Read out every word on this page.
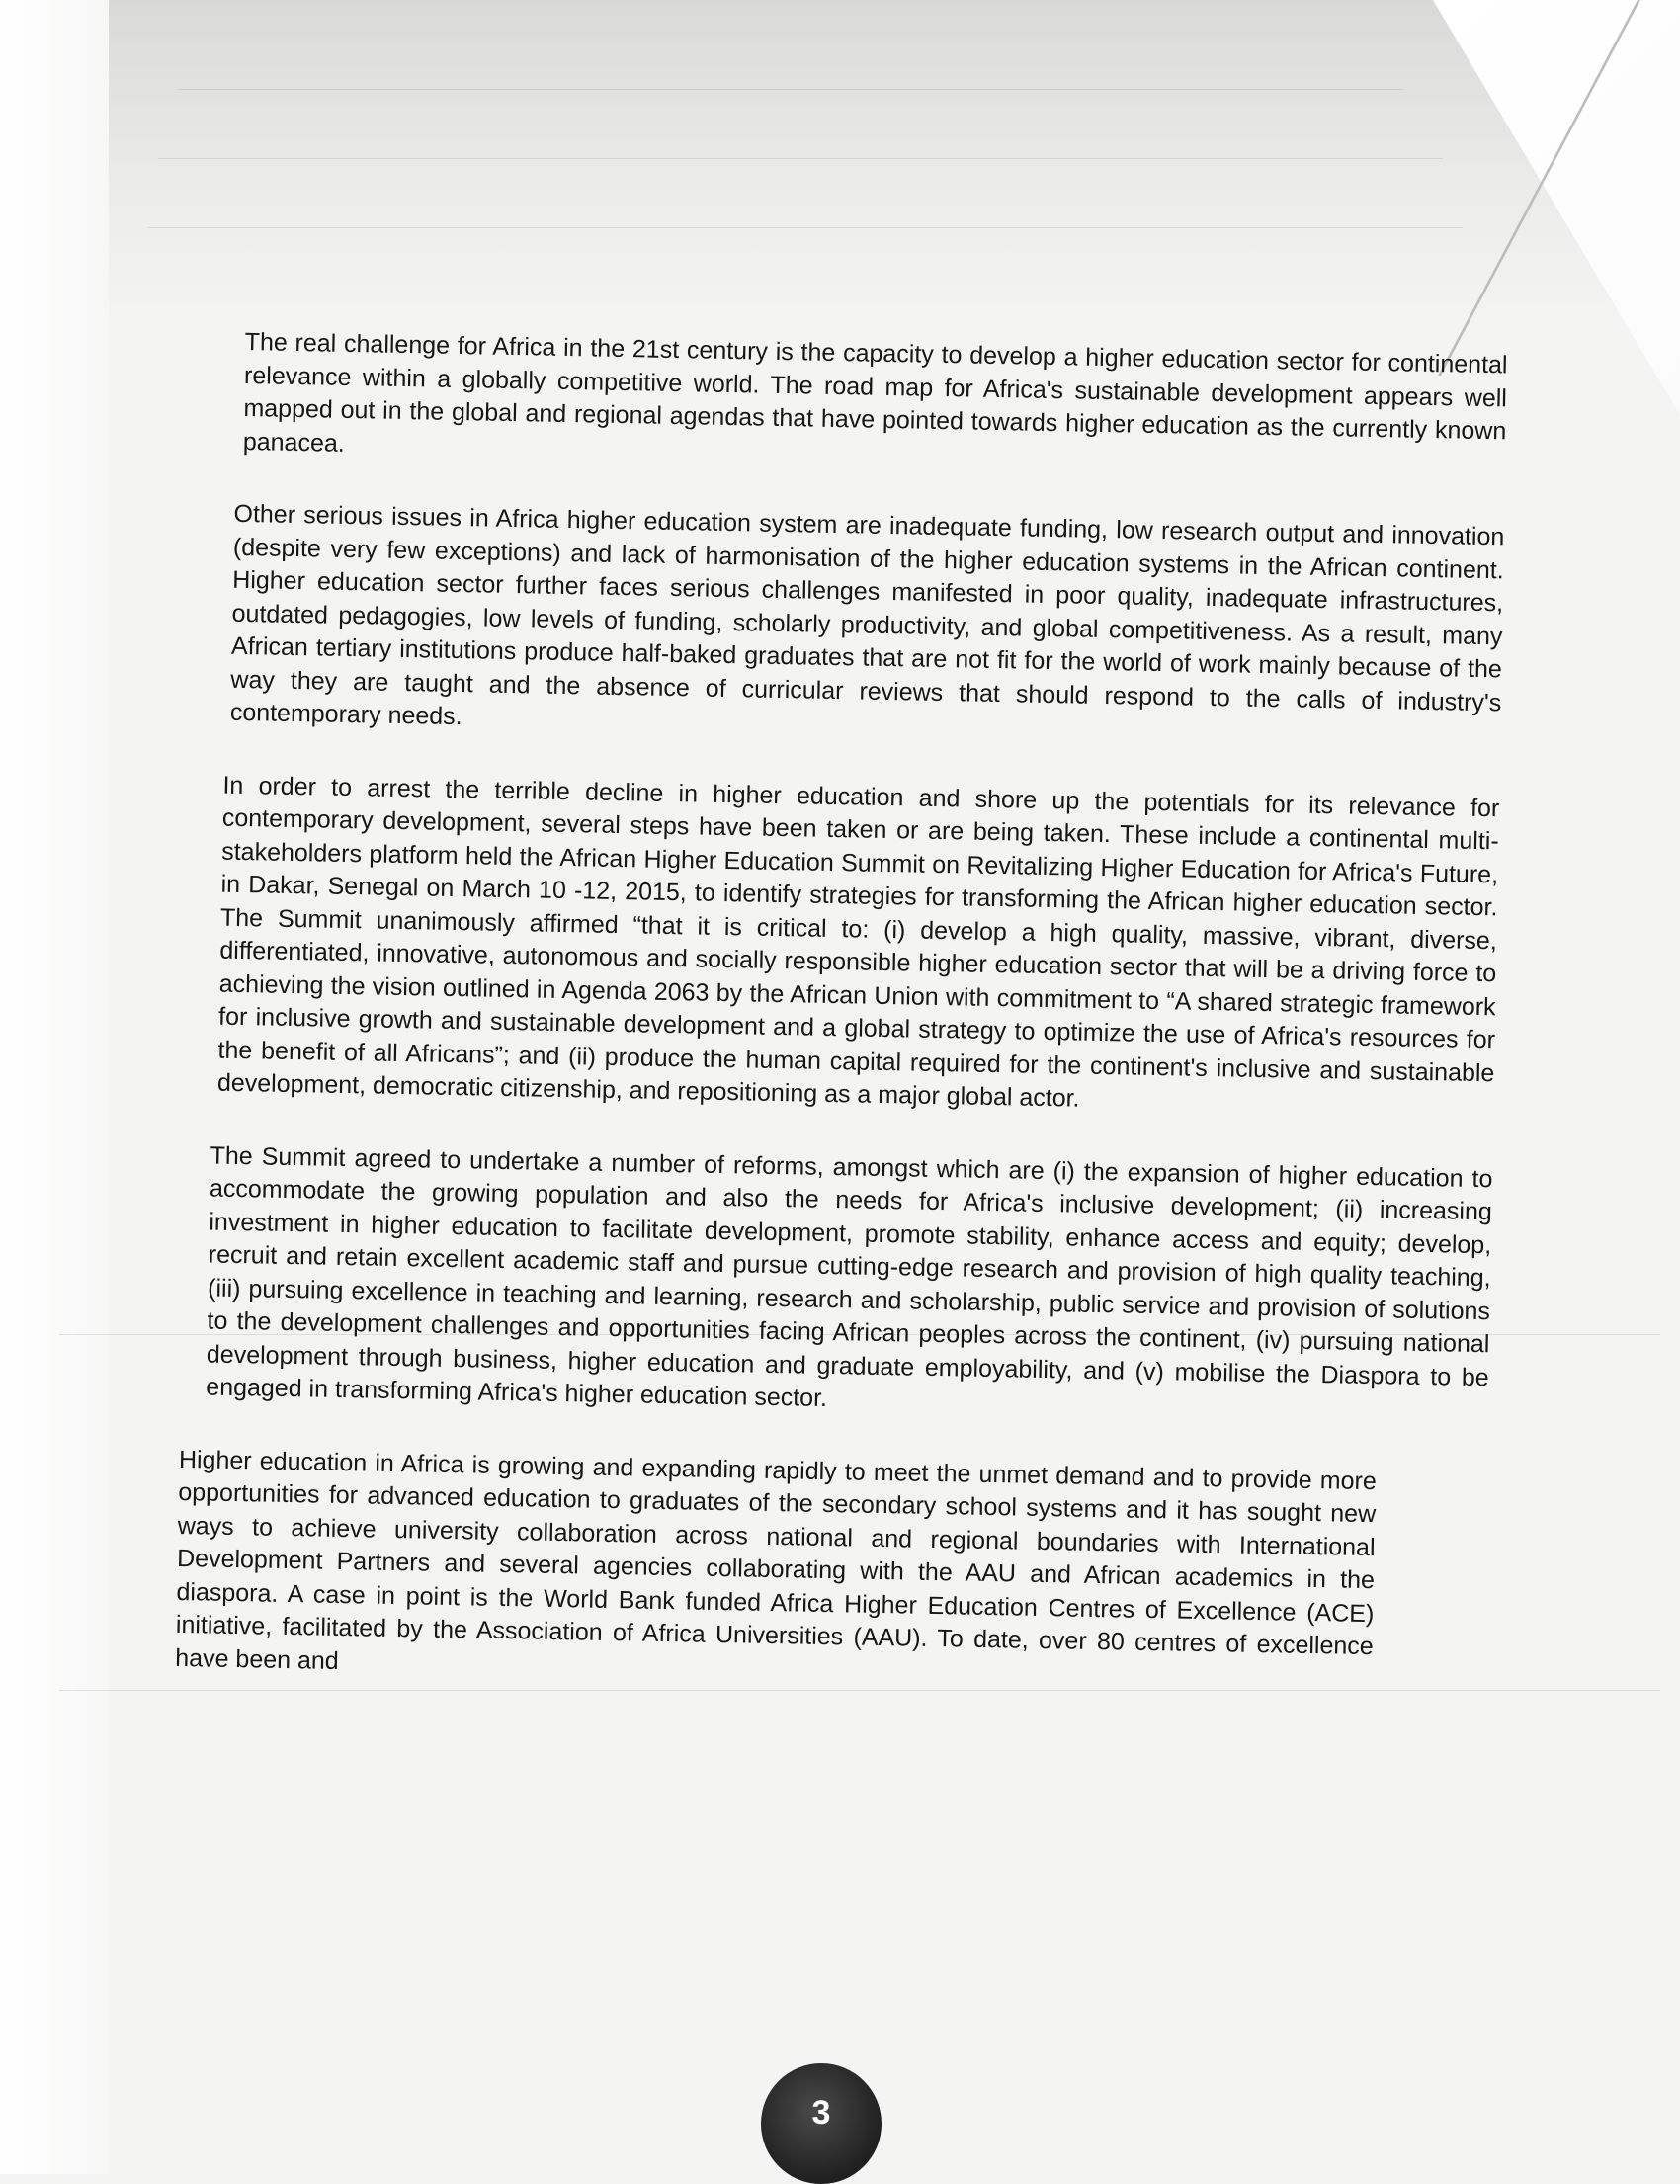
The real challenge for Africa in the 21st century is the capacity to develop a higher education sector for continental relevance within a globally competitive world. The road map for Africa's sustainable development appears well mapped out in the global and regional agendas that have pointed towards higher education as the currently known panacea.

Other serious issues in Africa higher education system are inadequate funding, low research output and innovation (despite very few exceptions) and lack of harmonisation of the higher education systems in the African continent. Higher education sector further faces serious challenges manifested in poor quality, inadequate infrastructures, outdated pedagogies, low levels of funding, scholarly productivity, and global competitiveness. As a result, many African tertiary institutions produce half-baked graduates that are not fit for the world of work mainly because of the way they are taught and the absence of curricular reviews that should respond to the calls of industry's contemporary needs.

In order to arrest the terrible decline in higher education and shore up the potentials for its relevance for contemporary development, several steps have been taken or are being taken. These include a continental multi-stakeholders platform held the African Higher Education Summit on Revitalizing Higher Education for Africa's Future, in Dakar, Senegal on March 10 -12, 2015, to identify strategies for transforming the African higher education sector. The Summit unanimously affirmed “that it is critical to: (i) develop a high quality, massive, vibrant, diverse, differentiated, innovative, autonomous and socially responsible higher education sector that will be a driving force to achieving the vision outlined in Agenda 2063 by the African Union with commitment to “A shared strategic framework for inclusive growth and sustainable development and a global strategy to optimize the use of Africa's resources for the benefit of all Africans”; and (ii) produce the human capital required for the continent's inclusive and sustainable development, democratic citizenship, and repositioning as a major global actor.

The Summit agreed to undertake a number of reforms, amongst which are (i) the expansion of higher education to accommodate the growing population and also the needs for Africa's inclusive development; (ii) increasing investment in higher education to facilitate development, promote stability, enhance access and equity; develop, recruit and retain excellent academic staff and pursue cutting-edge research and provision of high quality teaching, (iii) pursuing excellence in teaching and learning, research and scholarship, public service and provision of solutions to the development challenges and opportunities facing African peoples across the continent, (iv) pursuing national development through business, higher education and graduate employability, and (v) mobilise the Diaspora to be engaged in transforming Africa's higher education sector.

Higher education in Africa is growing and expanding rapidly to meet the unmet demand and to provide more opportunities for advanced education to graduates of the secondary school systems and it has sought new ways to achieve university collaboration across national and regional boundaries with International Development Partners and several agencies collaborating with the AAU and African academics in the diaspora. A case in point is the World Bank funded Africa Higher Education Centres of Excellence (ACE) initiative, facilitated by the Association of Africa Universities (AAU). To date, over 80 centres of excellence have been and

3
